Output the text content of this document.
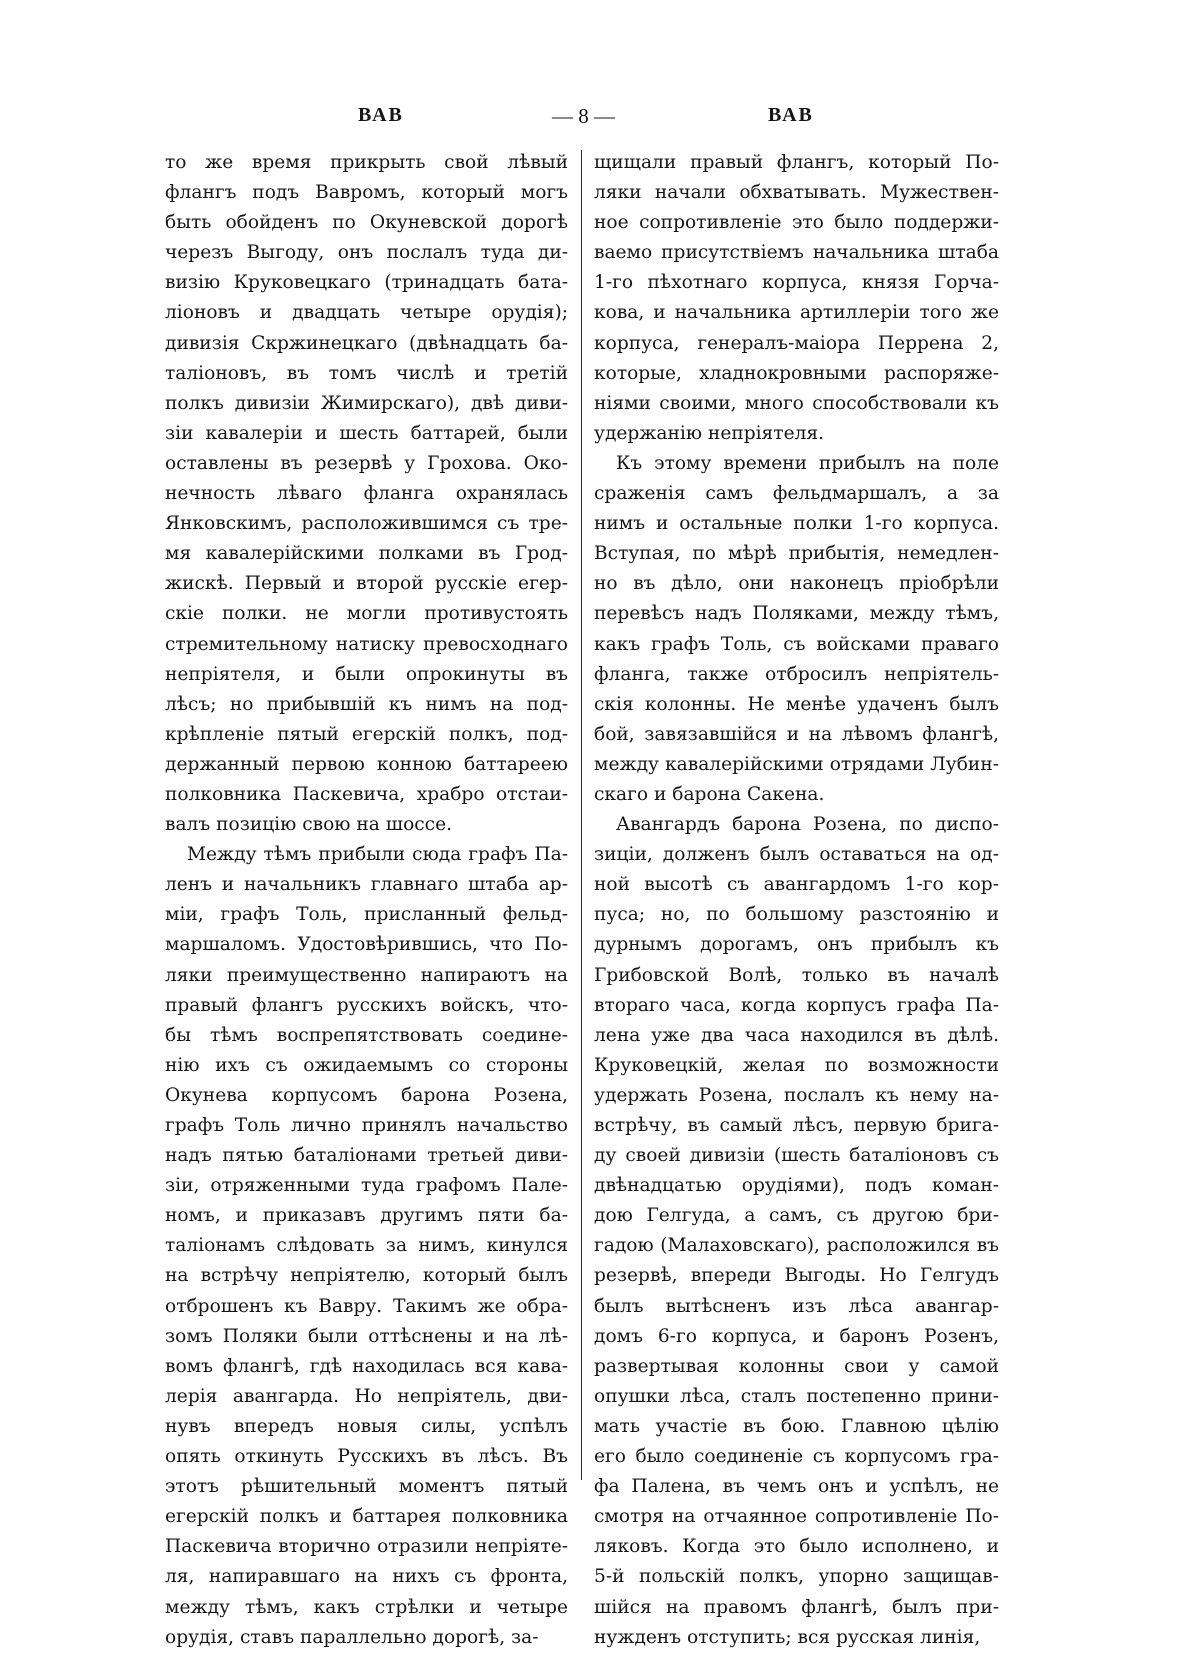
ВАВ	— 8 —	ВАВ
то же время прикрыть свой лѣвый
флангъ подъ Вавромъ, который могъ
быть обойденъ по Окуневской дорогѣ
черезъ Выгоду, онъ послалъ туда ди-
визію Круковецкаго (тринадцать бата-
ліоновъ и двадцать четыре орудія);
дивизія Скржинецкаго (двѣнадцать ба-
таліоновъ, въ томъ числѣ и третій
полкъ дивизіи Жимирскаго), двѣ диви-
зіи кавалеріи и шесть баттарей, были
оставлены въ резервѣ у Грохова. Око-
нечность лѣваго фланга охранялась
Янковскимъ, расположившимся съ тре-
мя кавалерійскими полками въ Грод-
жискѣ. Первый и второй русскіе егер-
скіе полки. не могли противустоять
стремительному натиску превосходнаго
непріятеля, и были опрокинуты въ
лѣсъ; но прибывшій къ нимъ на под-
крѣпленіе пятый егерскій полкъ, под-
держанный первою конною баттареею
полковника Паскевича, храбро отстаи-
валъ позицію свою на шоссе.
Между тѣмъ прибыли сюда графъ Па-
ленъ и начальникъ главнаго штаба ар-
міи, графъ Толь, присланный фельд-
маршаломъ. Удостовѣрившись, что По-
ляки преимущественно напираютъ на
правый флангъ русскихъ войскъ, что-
бы тѣмъ воспрепятствовать соедине-
нію ихъ съ ожидаемымъ со стороны
Окунева корпусомъ барона Розена,
графъ Толь лично принялъ начальство
надъ пятью баталіонами третьей диви-
зіи, отряженными туда графомъ Пале-
номъ, и приказавъ другимъ пяти ба-
таліонамъ слѣдовать за нимъ, кинулся
на встрѣчу непріятелю, который былъ
отброшенъ къ Вавру. Такимъ же обра-
зомъ Поляки были оттѣснены и на лѣ-
вомъ флангѣ, гдѣ находилась вся кава-
лерія авангарда. Но непріятель, дви-
нувъ впередъ новыя силы, успѣлъ
опять откинуть Русскихъ въ лѣсъ. Въ
этотъ рѣшительный моментъ пятый
егерскій полкъ и баттарея полковника
Паскевича вторично отразили непріяте-
ля, напиравшаго на нихъ съ фронта,
между тѣмъ, какъ стрѣлки и четыре
орудія, ставъ параллельно дорогѣ, за-
щищали правый флангъ, который По-
ляки начали обхватывать. Мужествен-
ное сопротивленіе это было поддержи-
ваемо присутствіемъ начальника штаба
1-го пѣхотнаго корпуса, князя Горча-
кова, и начальника артиллеріи того же
корпуса, генералъ-маіора Перрена 2,
которые, хладнокровными распоряже-
ніями своими, много способствовали къ
удержанію непріятеля.
Къ этому времени прибылъ на поле
сраженія самъ фельдмаршалъ, а за
нимъ и остальные полки 1-го корпуса.
Вступая, по мѣрѣ прибытія, немедлен-
но въ дѣло, они наконецъ пріобрѣли
перевѣсъ надъ Поляками, между тѣмъ,
какъ графъ Толь, съ войсками праваго
фланга, также отбросилъ непріятель-
скія колонны. Не менѣе удаченъ былъ
бой, завязавшійся и на лѣвомъ флангѣ,
между кавалерійскими отрядами Лубин-
скаго и барона Сакена.
Авангардъ барона Розена, по диспо-
зиціи, долженъ былъ оставаться на од-
ной высотѣ съ авангардомъ 1-го кор-
пуса; но, по большому разстоянію и
дурнымъ дорогамъ, онъ прибылъ къ
Грибовской Волѣ, только въ началѣ
втораго часа, когда корпусъ графа Па-
лена уже два часа находился въ дѣлѣ.
Круковецкій, желая по возможности
удержать Розена, послалъ къ нему на-
встрѣчу, въ самый лѣсъ, первую брига-
ду своей дивизіи (шесть баталіоновъ съ
двѣнадцатью орудіями), подъ коман-
дою Гелгуда, а самъ, съ другою бри-
гадою (Малаховскаго), расположился въ
резервѣ, впереди Выгоды. Но Гелгудъ
былъ вытѣсненъ изъ лѣса авангар-
домъ 6-го корпуса, и баронъ Розенъ,
развертывая колонны свои у самой
опушки лѣса, сталъ постепенно прини-
мать участіе въ бою. Главною цѣлію
его было соединеніе съ корпусомъ гра-
фа Палена, въ чемъ онъ и успѣлъ, не
смотря на отчаянное сопротивленіе По-
ляковъ. Когда это было исполнено, и
5-й польскій полкъ, упорно защищав-
шійся на правомъ флангѣ, былъ при-
нужденъ отступить; вся русская линія,
